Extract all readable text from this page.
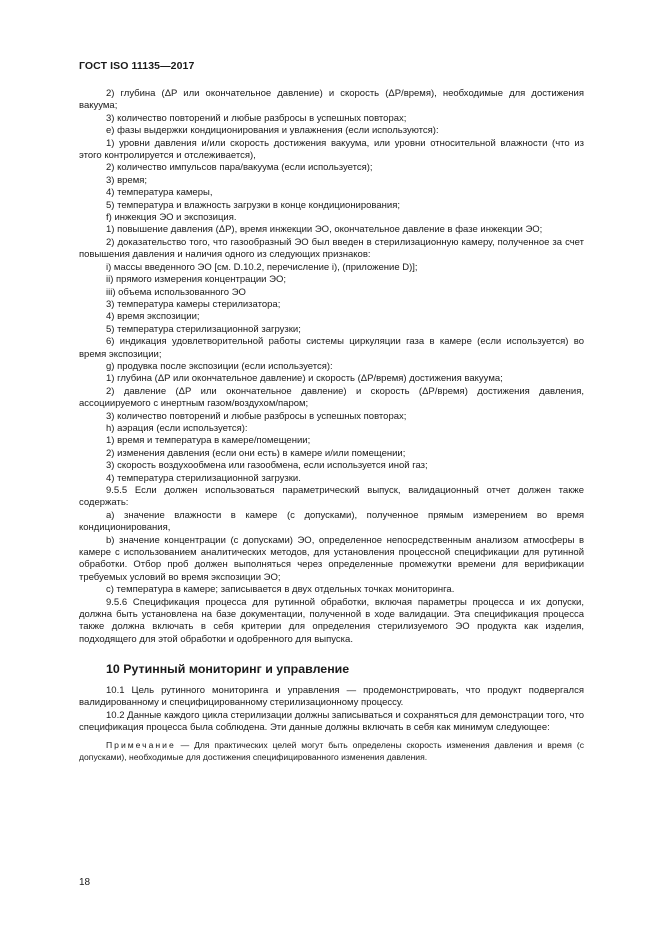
ГОСТ ISO 11135—2017

2) глубина (ΔP или окончательное давление) и скорость (ΔP/время), необходимые для достижения вакуума;

3) количество повторений и любые разбросы в успешных повторах;

е) фазы выдержки кондиционирования и увлажнения (если используются):

1) уровни давления и/или скорость достижения вакуума, или уровни относительной влажности (что из этого контролируется и отслеживается),

2) количество импульсов пара/вакуума (если используется);

3) время;

4) температура камеры,

5) температура и влажность загрузки в конце кондиционирования;

f) инжекция ЭО и экспозиция.

1) повышение давления (ΔP), время инжекции ЭО, окончательное давление в фазе инжекции ЭО;

2) доказательство того, что газообразный ЭО был введен в стерилизационную камеру, полученное за счет повышения давления и наличия одного из следующих признаков:

i) массы введенного ЭО [см. D.10.2, перечисление i), (приложение D)];

ii) прямого измерения концентрации ЭО;

iii) объема использованного ЭО

3) температура камеры стерилизатора;

4) время экспозиции;

5) температура стерилизационной загрузки;

6) индикация удовлетворительной работы системы циркуляции газа в камере (если используется) во время экспозиции;

g) продувка после экспозиции (если используется):

1) глубина (ΔP или окончательное давление) и скорость (ΔP/время) достижения вакуума;

2) давление (ΔP или окончательное давление) и скорость (ΔP/время) достижения давления, ассоциируемого с инертным газом/воздухом/паром;

3) количество повторений и любые разбросы в успешных повторах;

h) аэрация (если используется):

1) время и температура в камере/помещении;

2) изменения давления (если они есть) в камере и/или помещении;

3) скорость воздухообмена или газообмена, если используется иной газ;

4) температура стерилизационной загрузки.

9.5.5 Если должен использоваться параметрический выпуск, валидационный отчет должен также содержать:

а) значение влажности в камере (с допусками), полученное прямым измерением во время кондиционирования,

b) значение концентрации (с допусками) ЭО, определенное непосредственным анализом атмосферы в камере с использованием аналитических методов, для установления процессной спецификации для рутинной обработки. Отбор проб должен выполняться через определенные промежутки времени для верификации требуемых условий во время экспозиции ЭО;

с) температура в камере; записывается в двух отдельных точках мониторинга.

9.5.6 Спецификация процесса для рутинной обработки, включая параметры процесса и их допуски, должна быть установлена на базе документации, полученной в ходе валидации. Эта спецификация процесса также должна включать в себя критерии для определения стерилизуемого ЭО продукта как изделия, подходящего для этой обработки и одобренного для выпуска.

10 Рутинный мониторинг и управление

10.1 Цель рутинного мониторинга и управления — продемонстрировать, что продукт подвергался валидированному и специфицированному стерилизационному процессу.

10.2 Данные каждого цикла стерилизации должны записываться и сохраняться для демонстрации того, что спецификация процесса была соблюдена. Эти данные должны включать в себя как минимум следующее:

Примечание — Для практических целей могут быть определены скорость изменения давления и время (с допусками), необходимые для достижения специфицированного изменения давления.

18
